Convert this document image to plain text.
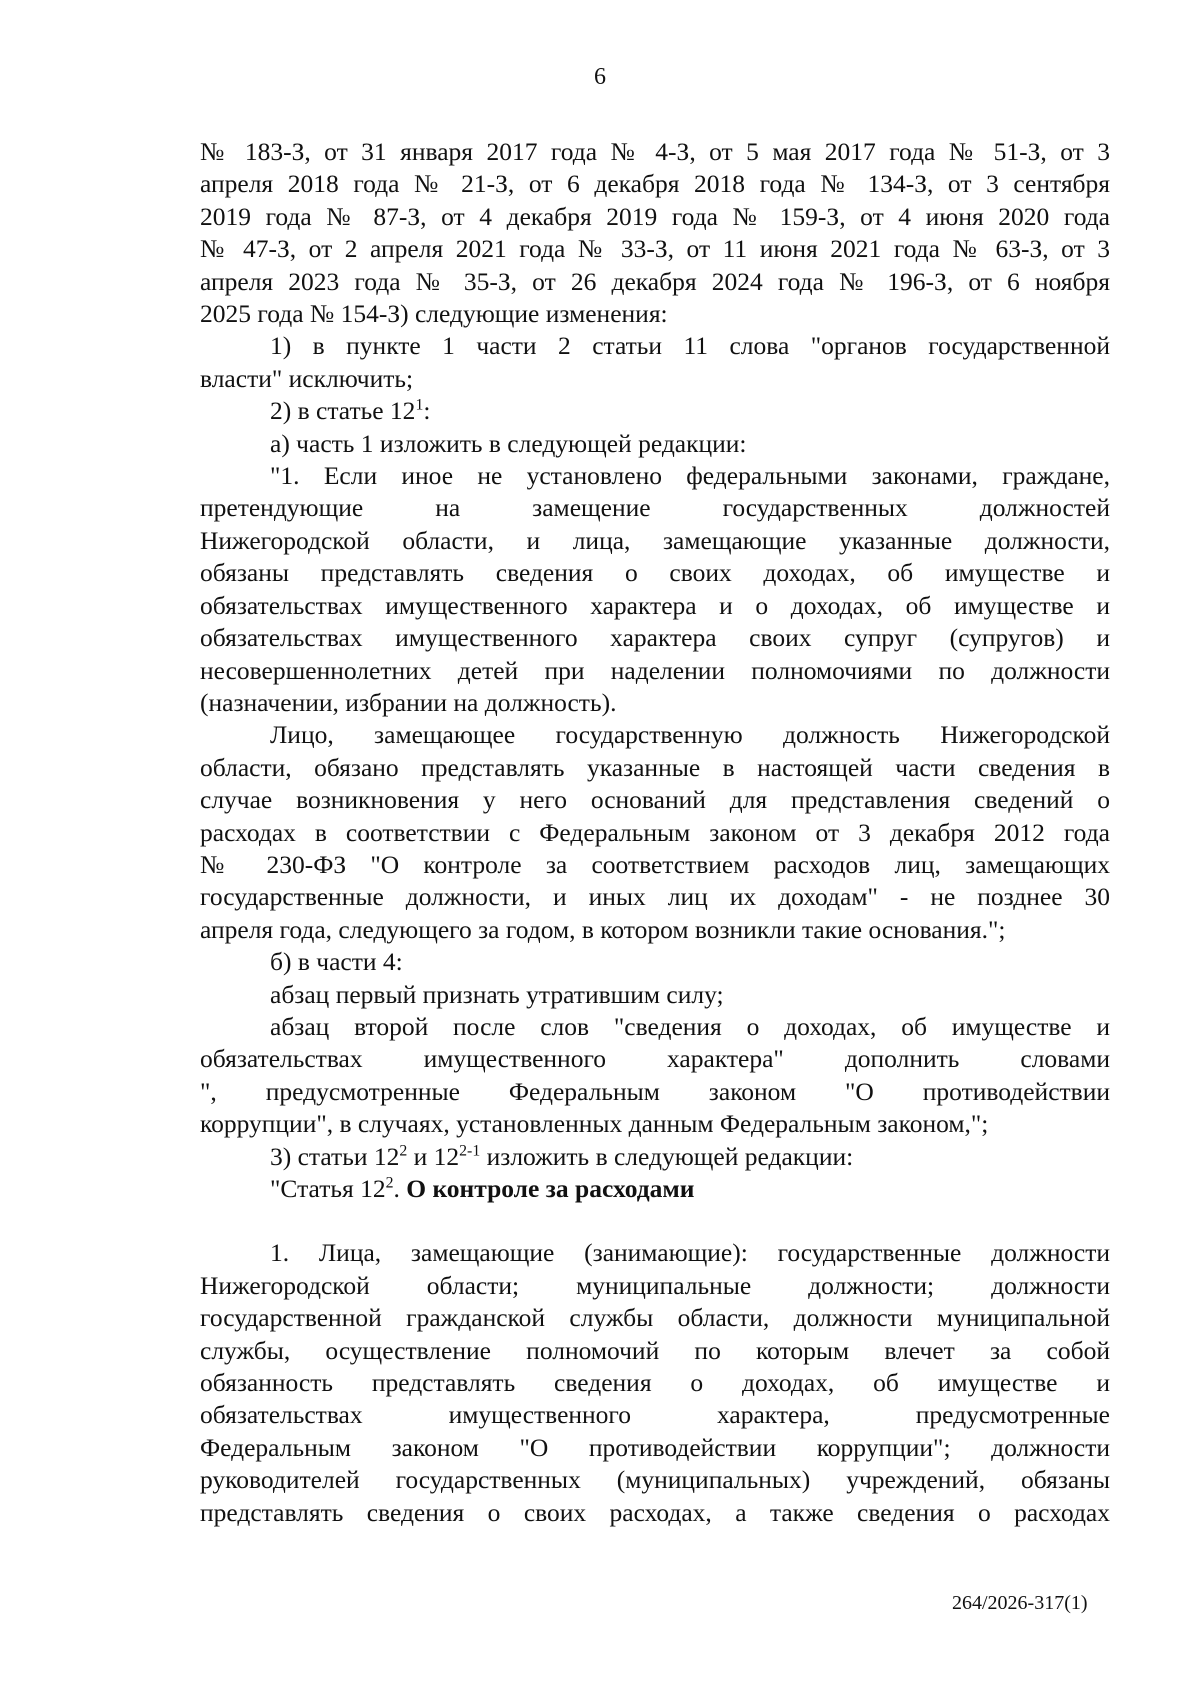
6

№ 183-З, от 31 января 2017 года № 4-З, от 5 мая 2017 года № 51-З, от 3

апреля 2018 года № 21-З, от 6 декабря 2018 года № 134-З, от 3 сентября

2019 года № 87-З, от 4 декабря 2019 года № 159-З, от 4 июня 2020 года

№ 47-З, от 2 апреля 2021 года № 33-З, от 11 июня 2021 года № 63-З, от 3

апреля 2023 года № 35-З, от 26 декабря 2024 года № 196-З, от 6 ноября

2025 года № 154-З) следующие изменения:

1) в пункте 1 части 2 статьи 11 слова "органов государственной

власти" исключить;

2) в статье $12^1$:

а) часть 1 изложить в следующей редакции:

"1. Если иное не установлено федеральными законами, граждане,

претендующие на замещение государственных должностей

Нижегородской области, и лица, замещающие указанные должности,

обязаны представлять сведения о своих доходах, об имуществе и

обязательствах имущественного характера и о доходах, об имуществе и

обязательствах имущественного характера своих супруг (супругов) и

несовершеннолетних детей при наделении полномочиями по должности

(назначении, избрании на должность).

Лицо, замещающее государственную должность Нижегородской

области, обязано представлять указанные в настоящей части сведения в

случае возникновения у него оснований для представления сведений о

расходах в соответствии с Федеральным законом от 3 декабря 2012 года

№ 230-ФЗ "О контроле за соответствием расходов лиц, замещающих

государственные должности, и иных лиц их доходам" - не позднее 30

апреля года, следующего за годом, в котором возникли такие основания.";

б) в части 4:

абзац первый признать утратившим силу;

абзац второй после слов "сведения о доходах, об имуществе и

обязательствах имущественного характера" дополнить словами

", предусмотренные Федеральным законом "О противодействии

коррупции", в случаях, установленных данным Федеральным законом,";

3) статьи $12^2$ и 12$^{2-1}$ изложить в следующей редакции:

"Статья $12^2$. О контроле за расходами

1. Лица, замещающие (занимающие): государственные должности

Нижегородской области; муниципальные должности; должности

государственной гражданской службы области, должности муниципальной

службы, осуществление полномочий по которым влечет за собой

обязанность представлять сведения о доходах, об имуществе и

обязательствах имущественного характера, предусмотренные

Федеральным законом "О противодействии коррупции"; должности

руководителей государственных (муниципальных) учреждений, обязаны

представлять сведения о своих расходах, а также сведения о расходах

264/2026-317(1)
